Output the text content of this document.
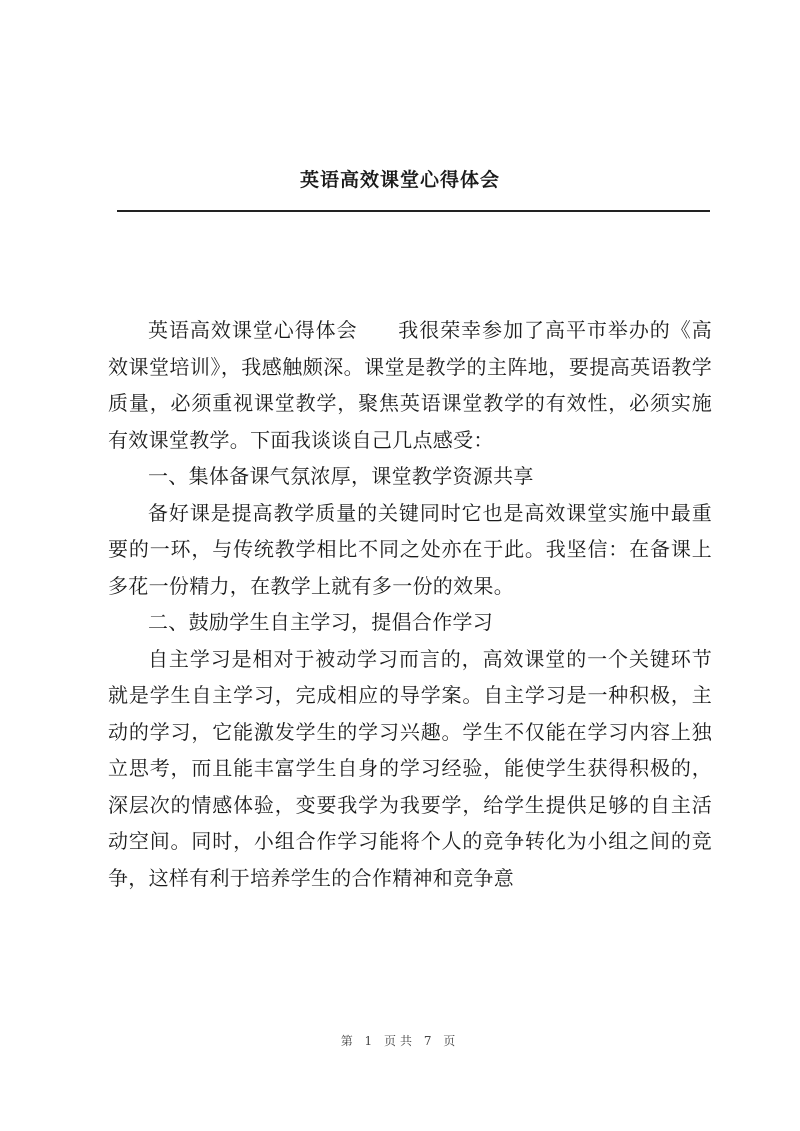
英语高效课堂心得体会

英语高效课堂心得体会 我很荣幸参加了高平市举办的《高效课堂培训》，我感触颇深。课堂是教学的主阵地，要提高英语教学质量，必须重视课堂教学，聚焦英语课堂教学的有效性，必须实施有效课堂教学。下面我谈谈自己几点感受：

一、集体备课气氛浓厚，课堂教学资源共享

备好课是提高教学质量的关键同时它也是高效课堂实施中最重要的一环，与传统教学相比不同之处亦在于此。我坚信：在备课上多花一份精力，在教学上就有多一份的效果。

二、鼓励学生自主学习，提倡合作学习

自主学习是相对于被动学习而言的，高效课堂的一个关键环节就是学生自主学习，完成相应的导学案。自主学习是一种积极，主动的学习，它能激发学生的学习兴趣。学生不仅能在学习内容上独立思考，而且能丰富学生自身的学习经验，能使学生获得积极的，深层次的情感体验，变要我学为我要学，给学生提供足够的自主活动空间。同时，小组合作学习能将个人的竞争转化为小组之间的竞争，这样有利于培养学生的合作精神和竞争意

第 1 页共 7 页
